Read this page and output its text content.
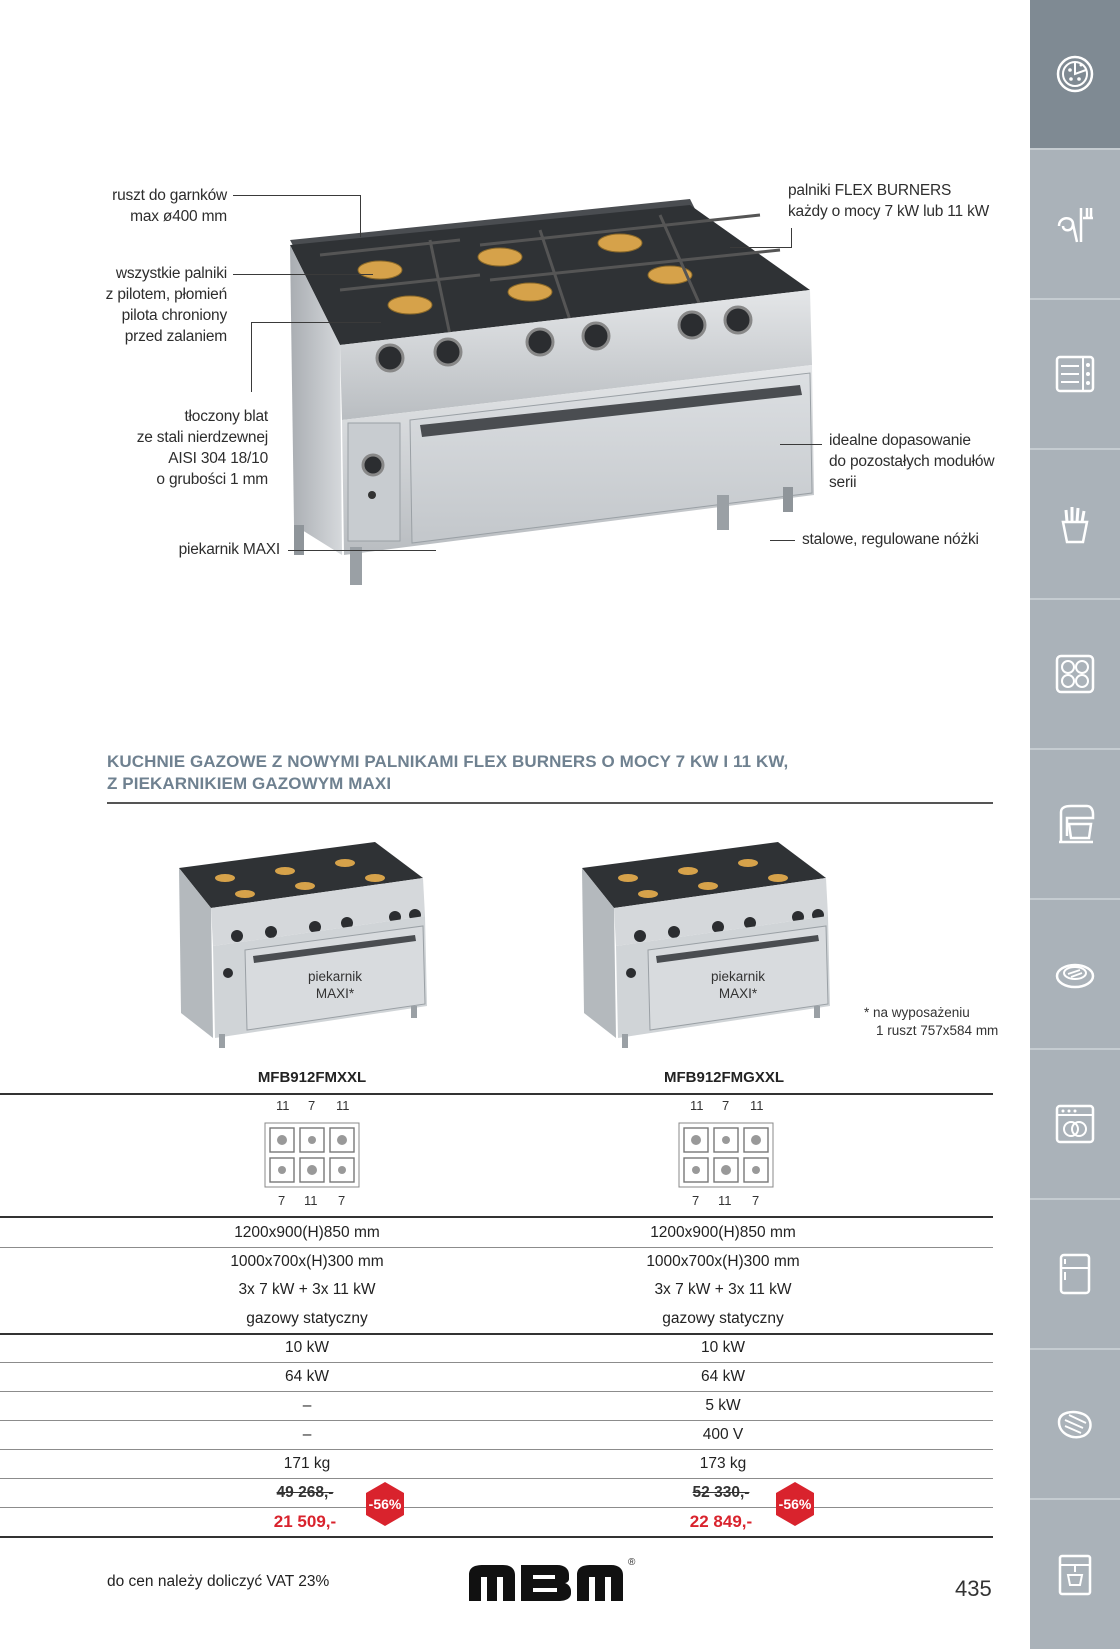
ruszt do garnków
max ø400 mm
wszystkie palniki
z pilotem, płomień
pilota chroniony
przed zalaniem
tłoczony blat
ze stali nierdzewnej
AISI 304 18/10
o grubości 1 mm
piekarnik MAXI
palniki FLEX BURNERS
każdy o mocy 7 kW lub 11 kW
idealne dopasowanie
do pozostałych modułów
serii
stalowe, regulowane nóżki
KUCHNIE GAZOWE Z NOWYMI PALNIKAMI FLEX BURNERS O MOCY 7 KW I 11 KW,
Z PIEKARNIKIEM GAZOWYM MAXI
piekarnik
MAXI*
piekarnik
MAXI*
* na wyposażeniu
1 ruszt 757x584 mm
MFB912FMXXL	MFB912FMGXXL
11 7 11
7 11 7
11 7 11
7 11 7
1200x900(H)850 mm	1200x900(H)850 mm
1000x700x(H)300 mm	1000x700x(H)300 mm
3x 7 kW + 3x 11 kW	3x 7 kW + 3x 11 kW
gazowy statyczny	gazowy statyczny
10 kW	10 kW
64 kW	64 kW
–	5 kW
–	400 V
171 kg	173 kg
49 268,-	52 330,-
21 509,-	22 849,-
-56%	-56%
do cen należy doliczyć VAT 23%
®
435
